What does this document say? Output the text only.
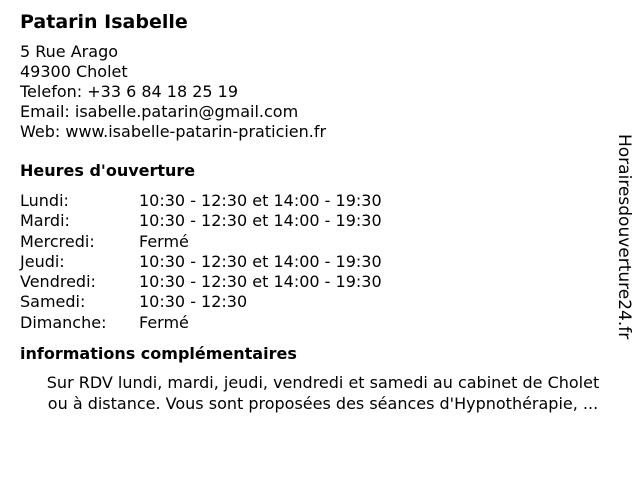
Patarin Isabelle
5 Rue Arago
49300 Cholet
Telefon: +33 6 84 18 25 19
Email: isabelle.patarin@gmail.com
Web: www.isabelle-patarin-praticien.fr
Heures d'ouverture
Lundi:	10:30 - 12:30 et 14:00 - 19:30
Mardi:	10:30 - 12:30 et 14:00 - 19:30
Mercredi:	Fermé
Jeudi:	10:30 - 12:30 et 14:00 - 19:30
Vendredi:	10:30 - 12:30 et 14:00 - 19:30
Samedi:	10:30 - 12:30
Dimanche:	Fermé
informations complémentaires
Sur RDV lundi, mardi, jeudi, vendredi et samedi au cabinet de Cholet
ou à distance. Vous sont proposées des séances d'Hypnothérapie, ...
Horairesdouverture24.fr
